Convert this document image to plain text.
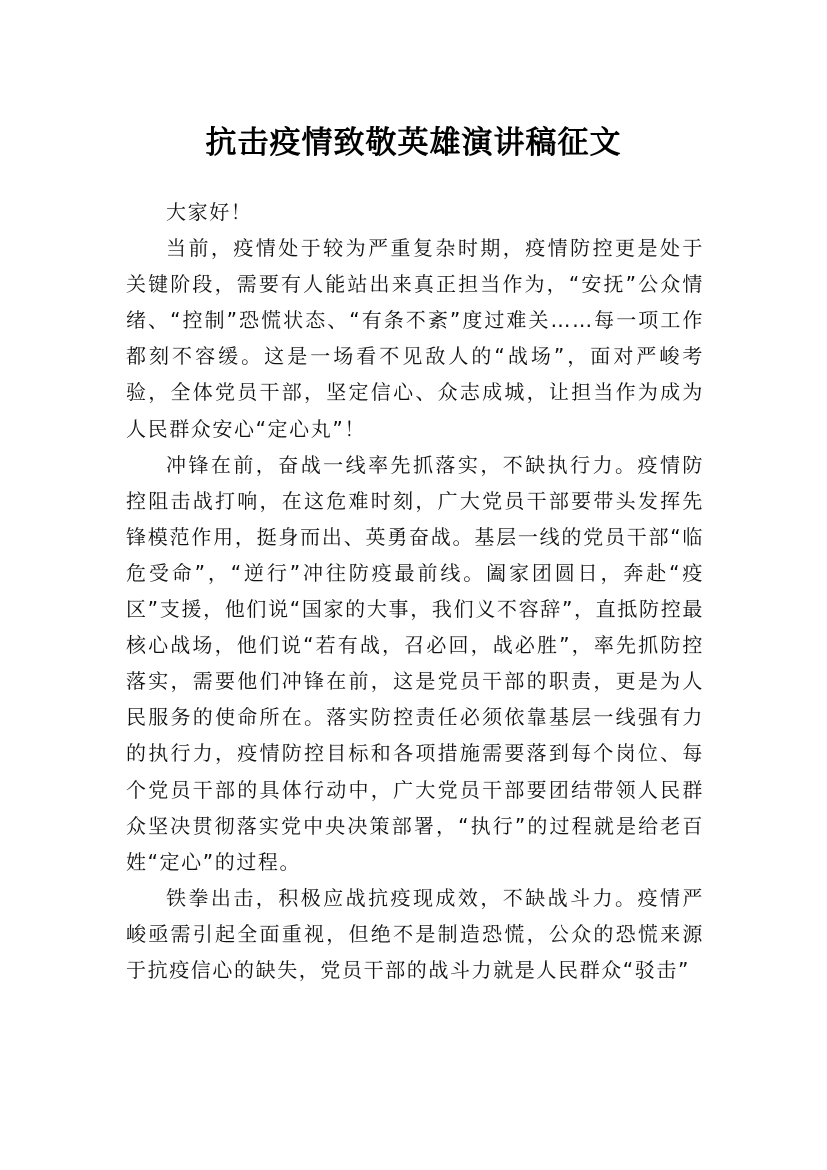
抗击疫情致敬英雄演讲稿征文

大家好！

当前，疫情处于较为严重复杂时期，疫情防控更是处于关键阶段，需要有人能站出来真正担当作为，“安抚”公众情绪、“控制”恐慌状态、“有条不紊”度过难关……每一项工作都刻不容缓。这是一场看不见敌人的“战场”，面对严峻考验，全体党员干部，坚定信心、众志成城，让担当作为成为人民群众安心“定心丸”！

冲锋在前，奋战一线率先抓落实，不缺执行力。疫情防控阻击战打响，在这危难时刻，广大党员干部要带头发挥先锋模范作用，挺身而出、英勇奋战。基层一线的党员干部“临危受命”，“逆行”冲往防疫最前线。阖家团圆日，奔赴“疫区”支援，他们说“国家的大事，我们义不容辞”，直抵防控最核心战场，他们说“若有战，召必回，战必胜”，率先抓防控落实，需要他们冲锋在前，这是党员干部的职责，更是为人民服务的使命所在。落实防控责任必须依靠基层一线强有力的执行力，疫情防控目标和各项措施需要落到每个岗位、每个党员干部的具体行动中，广大党员干部要团结带领人民群众坚决贯彻落实党中央决策部署，“执行”的过程就是给老百姓“定心”的过程。

铁拳出击，积极应战抗疫现成效，不缺战斗力。疫情严峻亟需引起全面重视，但绝不是制造恐慌，公众的恐慌来源于抗疫信心的缺失，党员干部的战斗力就是人民群众“驳击”
